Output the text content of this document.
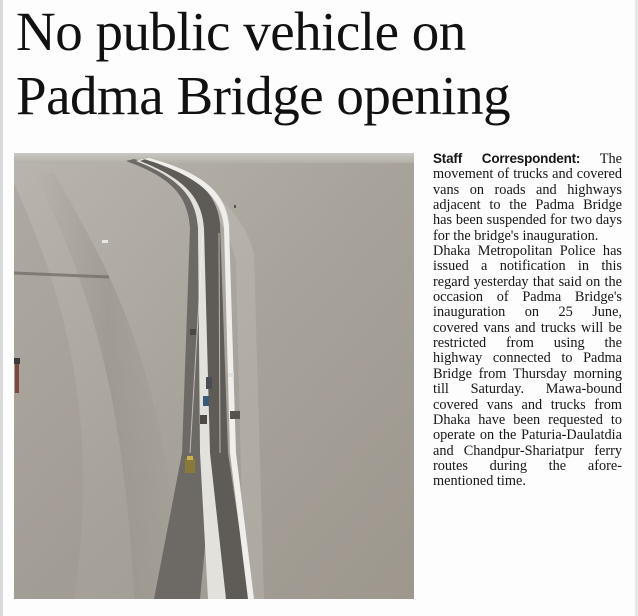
No public vehicle on
Padma Bridge opening

Staff Correspondent: The movement of trucks and covered vans on roads and highways adjacent to the Padma Bridge has been suspended for two days for the bridge's inauguration.

Dhaka Metropolitan Police has issued a notification in this regard yesterday that said on the occasion of Padma Bridge's inauguration on 25 June, covered vans and trucks will be restricted from using the highway connected to Padma Bridge from Thursday morning till Saturday. Mawa-bound covered vans and trucks from Dhaka have been requested to operate on the Paturia-Daulatdia and Chandpur-Shariatpur ferry routes during the aforementioned time.
